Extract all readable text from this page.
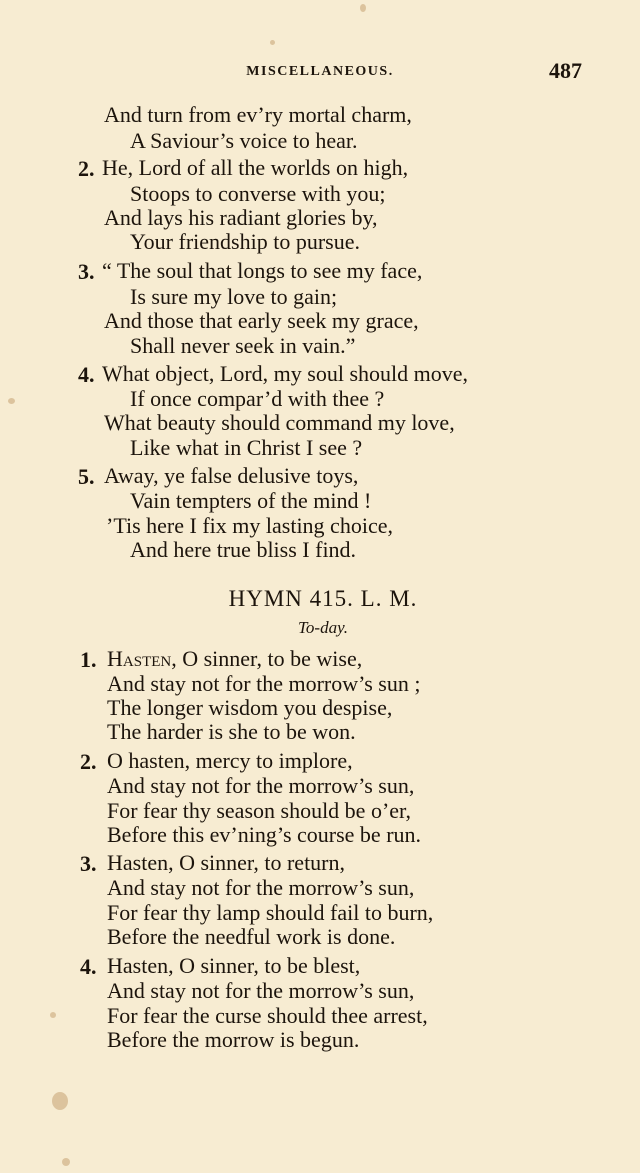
MISCELLANEOUS.	487
And turn from ev’ry mortal charm,
A Saviour’s voice to hear.
2. He, Lord of all the worlds on high,
Stoops to converse with you;
And lays his radiant glories by,
Your friendship to pursue.
3. “ The soul that longs to see my face,
Is sure my love to gain;
And those that early seek my grace,
Shall never seek in vain.”
4. What object, Lord, my soul should move,
If once compar’d with thee ?
What beauty should command my love,
Like what in Christ I see ?
5. Away, ye false delusive toys,
Vain tempters of the mind !
’Tis here I fix my lasting choice,
And here true bliss I find.
HYMN 415. L. M.
To-day.
1. Hasten, O sinner, to be wise,
And stay not for the morrow’s sun ;
The longer wisdom you despise,
The harder is she to be won.
2. O hasten, mercy to implore,
And stay not for the morrow’s sun,
For fear thy season should be o’er,
Before this ev’ning’s course be run.
3. Hasten, O sinner, to return,
And stay not for the morrow’s sun,
For fear thy lamp should fail to burn,
Before the needful work is done.
4. Hasten, O sinner, to be blest,
And stay not for the morrow’s sun,
For fear the curse should thee arrest,
Before the morrow is begun.
